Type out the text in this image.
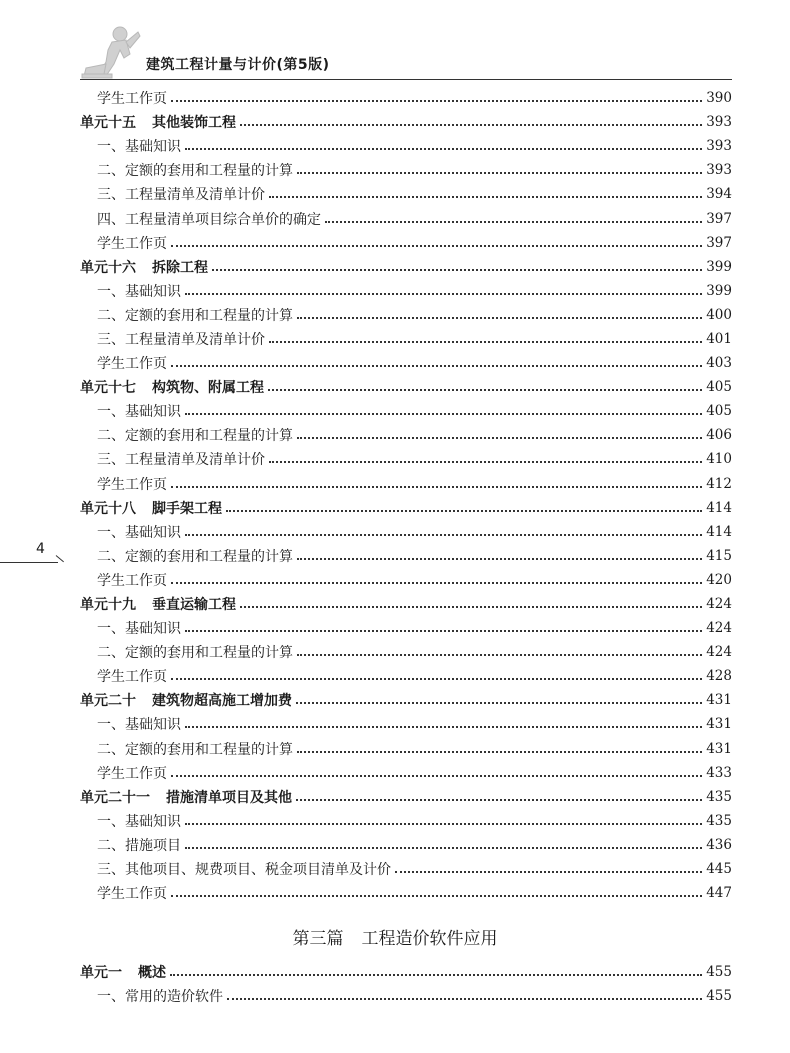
建筑工程计量与计价(第5版)
4
学生工作页	390
单元十五 其他装饰工程	393
一、基础知识	393
二、定额的套用和工程量的计算	393
三、工程量清单及清单计价	394
四、工程量清单项目综合单价的确定	397
学生工作页	397
单元十六 拆除工程	399
一、基础知识	399
二、定额的套用和工程量的计算	400
三、工程量清单及清单计价	401
学生工作页	403
单元十七 构筑物、附属工程	405
一、基础知识	405
二、定额的套用和工程量的计算	406
三、工程量清单及清单计价	410
学生工作页	412
单元十八 脚手架工程	414
一、基础知识	414
二、定额的套用和工程量的计算	415
学生工作页	420
单元十九 垂直运输工程	424
一、基础知识	424
二、定额的套用和工程量的计算	424
学生工作页	428
单元二十 建筑物超高施工增加费	431
一、基础知识	431
二、定额的套用和工程量的计算	431
学生工作页	433
单元二十一 措施清单项目及其他	435
一、基础知识	435
二、措施项目	436
三、其他项目、规费项目、税金项目清单及计价	445
学生工作页	447
第三篇 工程造价软件应用
单元一 概述	455
一、常用的造价软件	455
